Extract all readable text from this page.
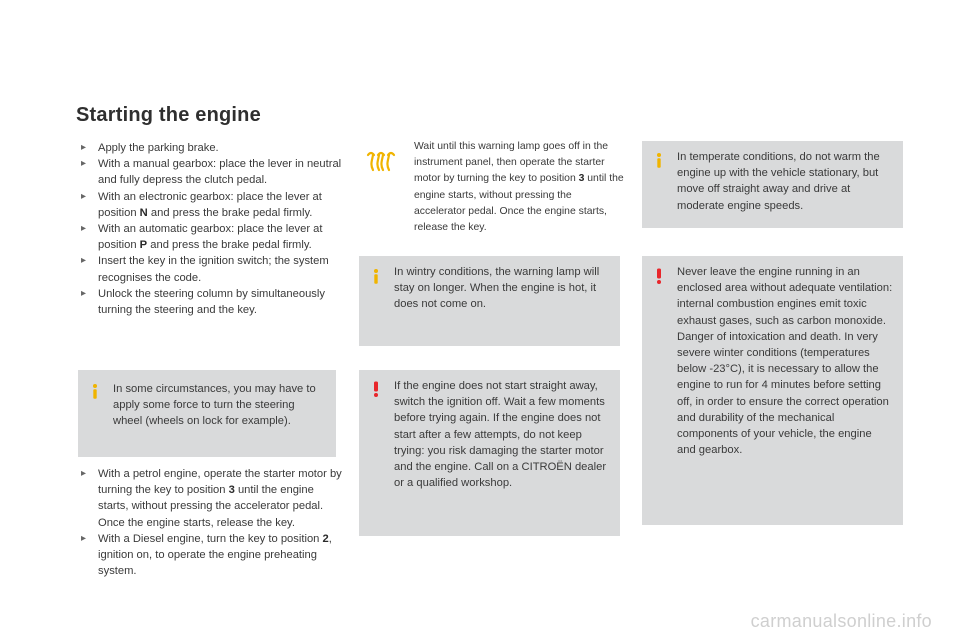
Starting the engine
▸ Apply the parking brake.
▸ With a manual gearbox: place the lever in neutral and fully depress the clutch pedal.
▸ With an electronic gearbox: place the lever at position N and press the brake pedal firmly.
▸ With an automatic gearbox: place the lever at position P and press the brake pedal firmly.
▸ Insert the key in the ignition switch; the system recognises the code.
▸ Unlock the steering column by simultaneously turning the steering and the key.
In some circumstances, you may have to apply some force to turn the steering wheel (wheels on lock for example).
▸ With a petrol engine, operate the starter motor by turning the key to position 3 until the engine starts, without pressing the accelerator pedal. Once the engine starts, release the key.
▸ With a Diesel engine, turn the key to position 2, ignition on, to operate the engine preheating system.
Wait until this warning lamp goes off in the instrument panel, then operate the starter motor by turning the key to position 3 until the engine starts, without pressing the accelerator pedal. Once the engine starts, release the key.
In wintry conditions, the warning lamp will stay on longer. When the engine is hot, it does not come on.
If the engine does not start straight away, switch the ignition off. Wait a few moments before trying again. If the engine does not start after a few attempts, do not keep trying: you risk damaging the starter motor and the engine. Call on a CITROËN dealer or a qualified workshop.
In temperate conditions, do not warm the engine up with the vehicle stationary, but move off straight away and drive at moderate engine speeds.
Never leave the engine running in an enclosed area without adequate ventilation: internal combustion engines emit toxic exhaust gases, such as carbon monoxide. Danger of intoxication and death. In very severe winter conditions (temperatures below -23°C), it is necessary to allow the engine to run for 4 minutes before setting off, in order to ensure the correct operation and durability of the mechanical components of your vehicle, the engine and gearbox.
carmanualsonline.info
